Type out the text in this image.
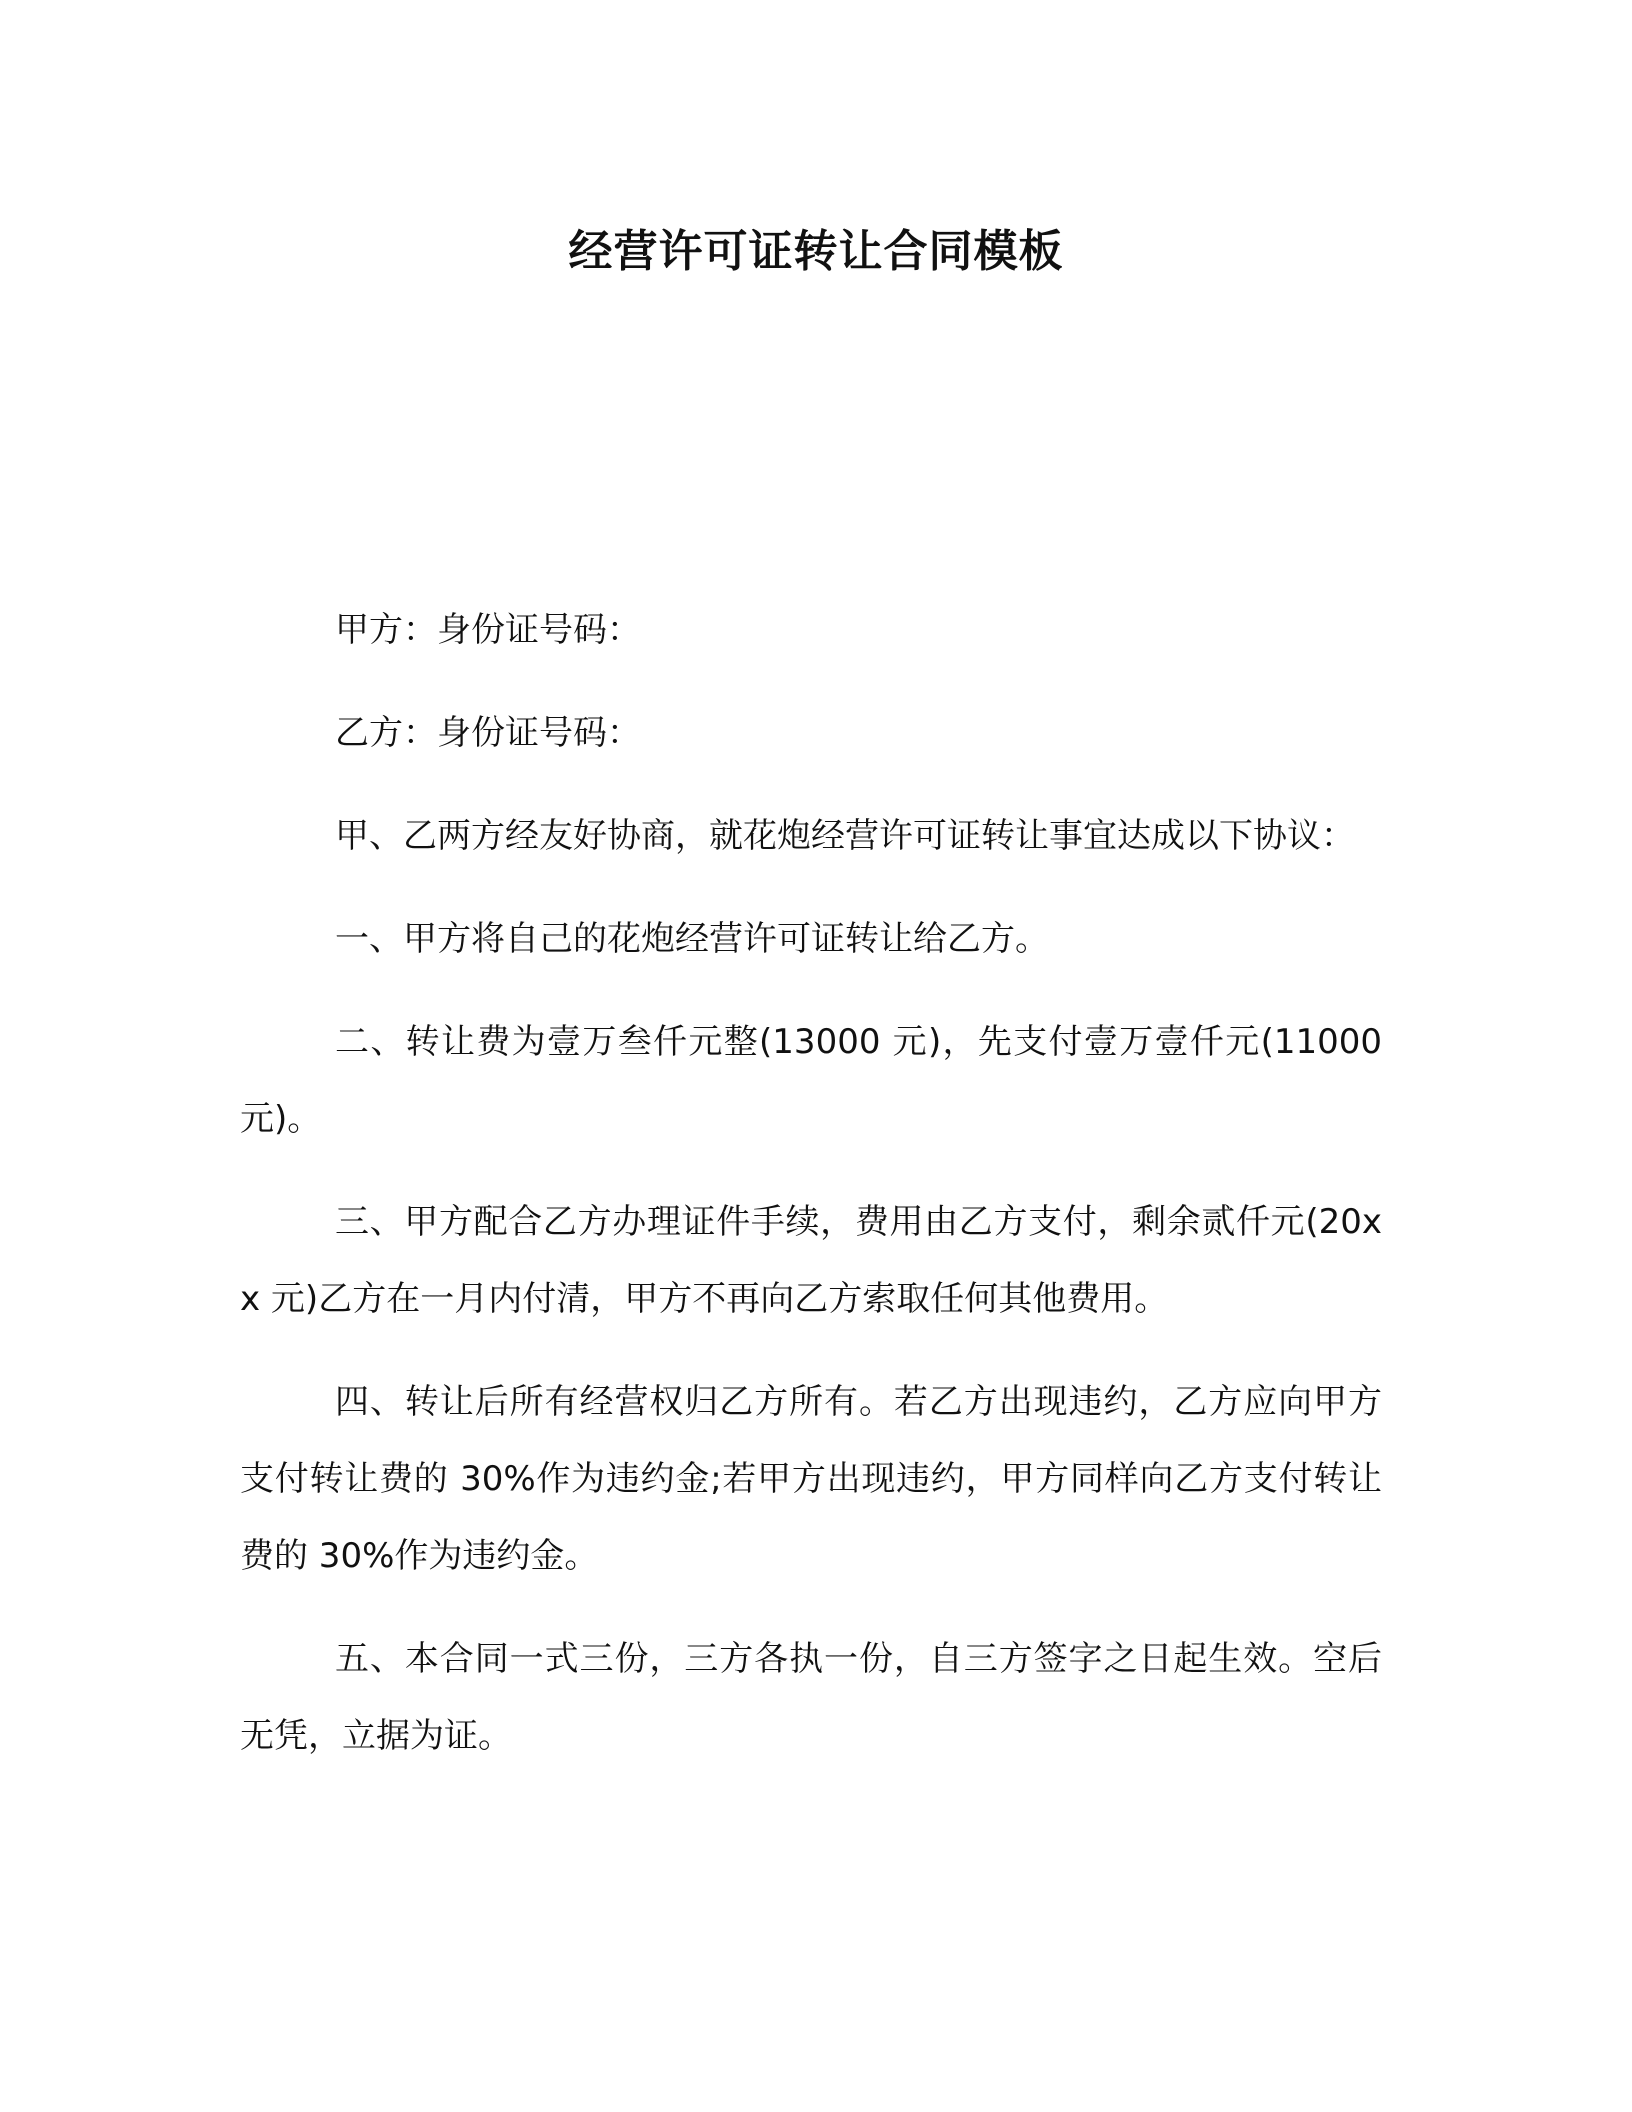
经营许可证转让合同模板

甲方：身份证号码：

乙方：身份证号码：

甲、乙两方经友好协商，就花炮经营许可证转让事宜达成以下协议：

一、甲方将自己的花炮经营许可证转让给乙方。

二、转让费为壹万叁仟元整(13000 元)，先支付壹万壹仟元(11000 元)。

三、甲方配合乙方办理证件手续，费用由乙方支付，剩余贰仟元(20xx 元)乙方在一月内付清，甲方不再向乙方索取任何其他费用。

四、转让后所有经营权归乙方所有。若乙方出现违约，乙方应向甲方支付转让费的 30%作为违约金;若甲方出现违约，甲方同样向乙方支付转让费的 30%作为违约金。

五、本合同一式三份，三方各执一份，自三方签字之日起生效。空后无凭，立据为证。
